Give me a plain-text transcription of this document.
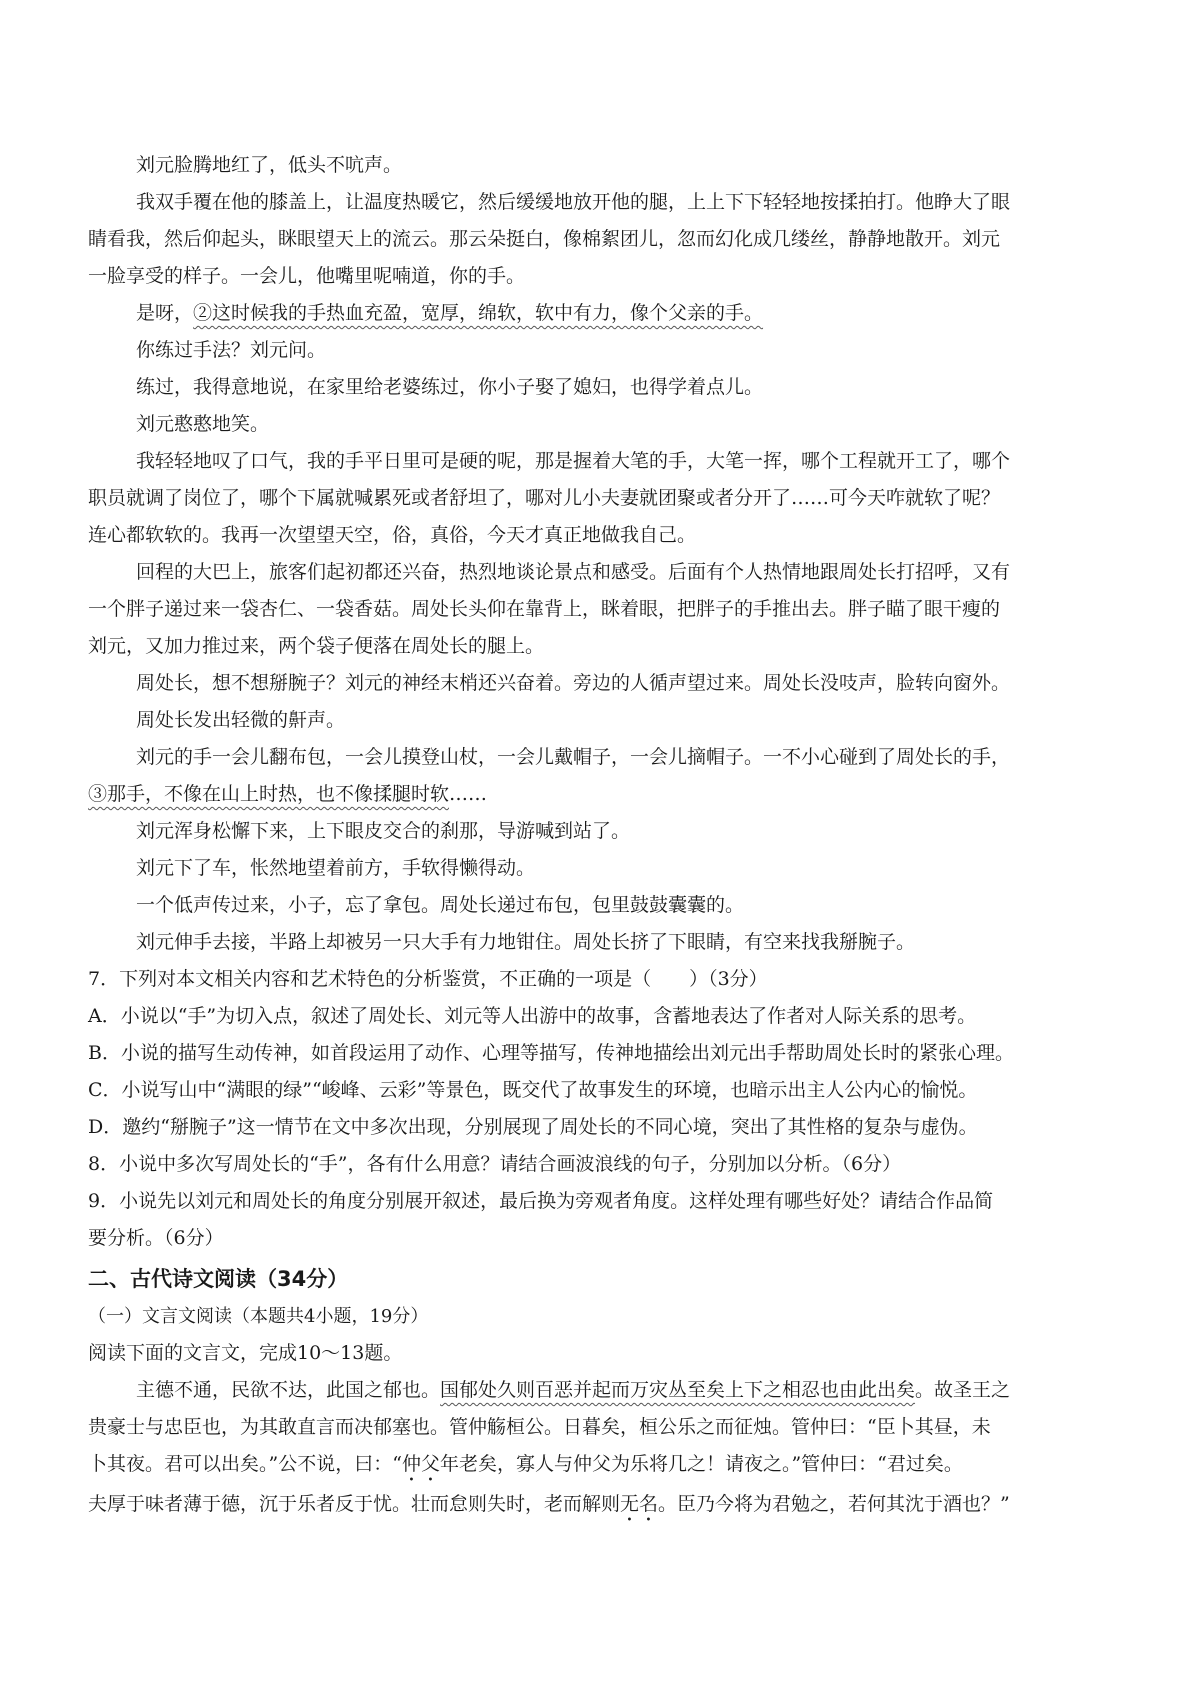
刘元脸腾地红了，低头不吭声。

我双手覆在他的膝盖上，让温度热暖它，然后缓缓地放开他的腿，上上下下轻轻地按揉拍打。他睁大了眼

睛看我，然后仰起头，眯眼望天上的流云。那云朵挺白，像棉絮团儿，忽而幻化成几缕丝，静静地散开。刘元

一脸享受的样子。一会儿，他嘴里呢喃道，你的手。

是呀，②这时候我的手热血充盈，宽厚，绵软，软中有力，像个父亲的手。

你练过手法？刘元问。

练过，我得意地说，在家里给老婆练过，你小子娶了媳妇，也得学着点儿。

刘元憨憨地笑。

我轻轻地叹了口气，我的手平日里可是硬的呢，那是握着大笔的手，大笔一挥，哪个工程就开工了，哪个

职员就调了岗位了，哪个下属就喊累死或者舒坦了，哪对儿小夫妻就团聚或者分开了……可今天咋就软了呢？

连心都软软的。我再一次望望天空，俗，真俗，今天才真正地做我自己。

回程的大巴上，旅客们起初都还兴奋，热烈地谈论景点和感受。后面有个人热情地跟周处长打招呼，又有

一个胖子递过来一袋杏仁、一袋香菇。周处长头仰在靠背上，眯着眼，把胖子的手推出去。胖子瞄了眼干瘦的

刘元，又加力推过来，两个袋子便落在周处长的腿上。

周处长，想不想掰腕子？刘元的神经末梢还兴奋着。旁边的人循声望过来。周处长没吱声，脸转向窗外。

周处长发出轻微的鼾声。

刘元的手一会儿翻布包，一会儿摸登山杖，一会儿戴帽子，一会儿摘帽子。一不小心碰到了周处长的手，

③那手，不像在山上时热，也不像揉腿时软……

刘元浑身松懈下来，上下眼皮交合的刹那，导游喊到站了。

刘元下了车，怅然地望着前方，手软得懒得动。

一个低声传过来，小子，忘了拿包。周处长递过布包，包里鼓鼓囊囊的。

刘元伸手去接，半路上却被另一只大手有力地钳住。周处长挤了下眼睛，有空来找我掰腕子。

7．下列对本文相关内容和艺术特色的分析鉴赏，不正确的一项是（　　）（3分）

A．小说以“手”为切入点，叙述了周处长、刘元等人出游中的故事，含蓄地表达了作者对人际关系的思考。

B．小说的描写生动传神，如首段运用了动作、心理等描写，传神地描绘出刘元出手帮助周处长时的紧张心理。

C．小说写山中“满眼的绿”“峻峰、云彩”等景色，既交代了故事发生的环境，也暗示出主人公内心的愉悦。

D．邀约“掰腕子”这一情节在文中多次出现，分别展现了周处长的不同心境，突出了其性格的复杂与虚伪。

8．小说中多次写周处长的“手”，各有什么用意？请结合画波浪线的句子，分别加以分析。（6分）

9．小说先以刘元和周处长的角度分别展开叙述，最后换为旁观者角度。这样处理有哪些好处？请结合作品简

要分析。（6分）

二、古代诗文阅读（34分）

（一）文言文阅读（本题共4小题，19分）

阅读下面的文言文，完成10～13题。

主德不通，民欲不达，此国之郁也。国郁处久则百恶并起而万灾丛至矣上下之相忍也由此出矣。故圣王之

贵豪士与忠臣也，为其敢直言而决郁塞也。管仲觞桓公。日暮矣，桓公乐之而征烛。管仲曰：“臣卜其昼，未

卜其夜。君可以出矣。”公不说，曰：“仲父年老矣，寡人与仲父为乐将几之！请夜之。”管仲曰：“君过矣。

夫厚于味者薄于德，沉于乐者反于忧。壮而怠则失时，老而解则无名。臣乃今将为君勉之，若何其沈于酒也？”
